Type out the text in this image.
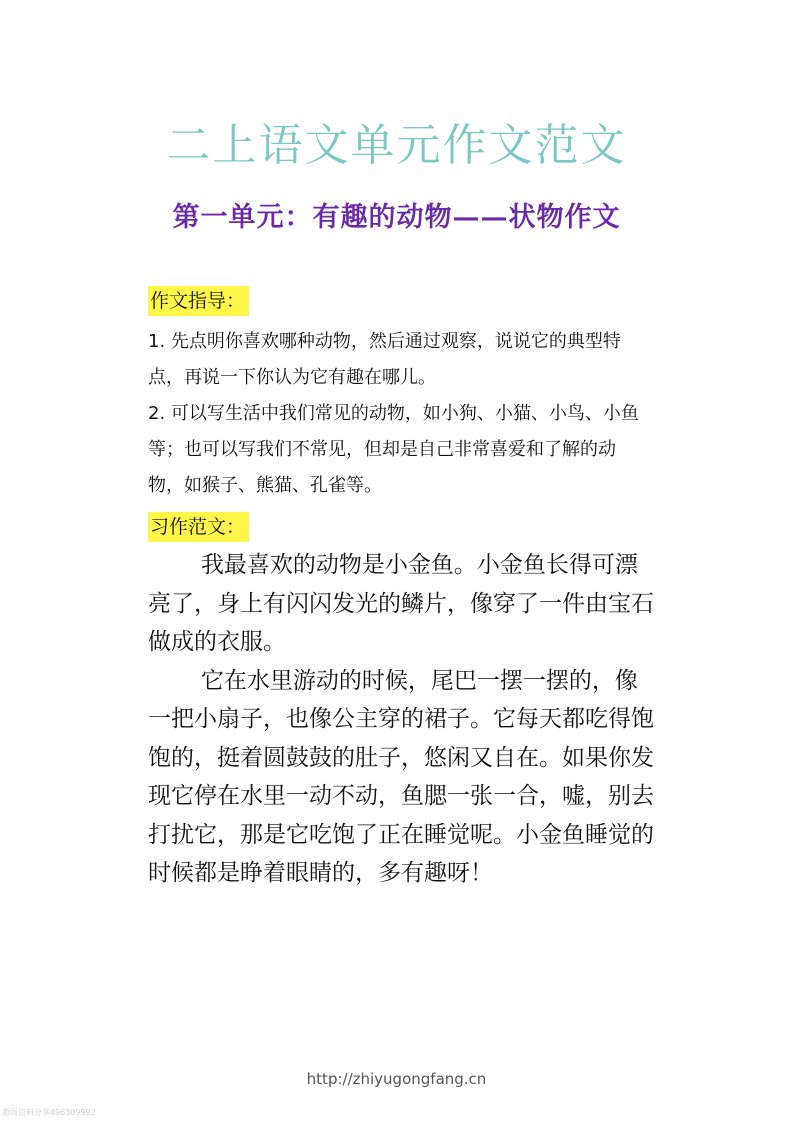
二上语文单元作文范文
第一单元：有趣的动物——状物作文
作文指导：

1. 先点明你喜欢哪种动物，然后通过观察，说说它的典型特点，再说一下你认为它有趣在哪儿。

2. 可以写生活中我们常见的动物，如小狗、小猫、小鸟、小鱼等；也可以写我们不常见，但却是自己非常喜爱和了解的动物，如猴子、熊猫、孔雀等。

习作范文：

我最喜欢的动物是小金鱼。小金鱼长得可漂亮了，身上有闪闪发光的鳞片，像穿了一件由宝石做成的衣服。

它在水里游动的时候，尾巴一摆一摆的，像一把小扇子，也像公主穿的裙子。它每天都吃得饱饱的，挺着圆鼓鼓的肚子，悠闲又自在。如果你发现它停在水里一动不动，鱼腮一张一合，嘘，别去打扰它，那是它吃饱了正在睡觉呢。小金鱼睡觉的时候都是睁着眼睛的，多有趣呀！

http://zhiyugongfang.cn
超级资料分享496309992
